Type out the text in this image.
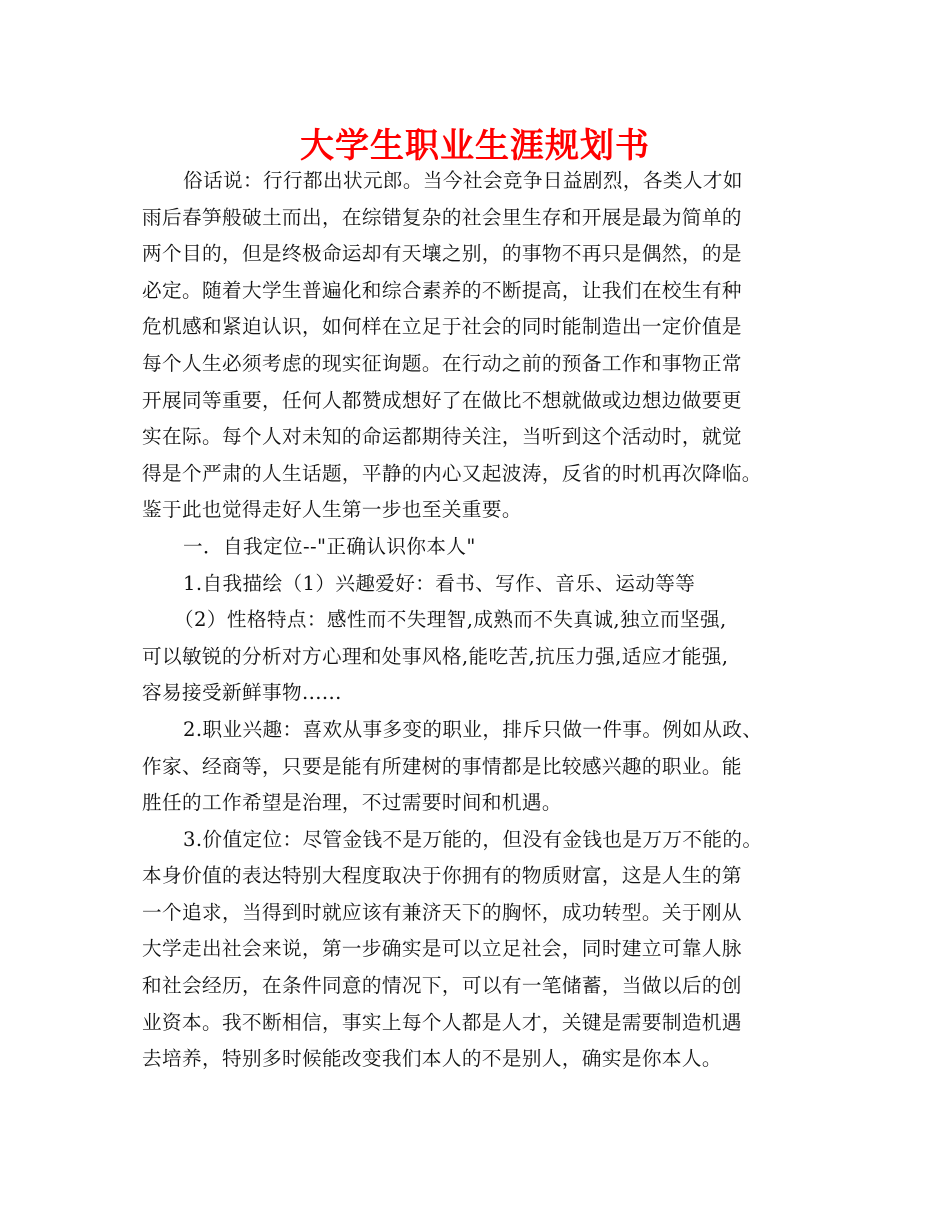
大学生职业生涯规划书
俗话说：行行都出状元郎。当今社会竞争日益剧烈，各类人才如
雨后春笋般破土而出，在综错复杂的社会里生存和开展是最为简单的
两个目的，但是终极命运却有天壤之别，的事物不再只是偶然，的是
必定。随着大学生普遍化和综合素养的不断提高，让我们在校生有种
危机感和紧迫认识，如何样在立足于社会的同时能制造出一定价值是
每个人生必须考虑的现实征询题。在行动之前的预备工作和事物正常
开展同等重要，任何人都赞成想好了在做比不想就做或边想边做要更
实在际。每个人对未知的命运都期待关注，当听到这个活动时，就觉
得是个严肃的人生话题，平静的内心又起波涛，反省的时机再次降临。
鉴于此也觉得走好人生第一步也至关重要。
一．自我定位--"正确认识你本人"
1.自我描绘（1）兴趣爱好：看书、写作、音乐、运动等等
（2）性格特点：感性而不失理智,成熟而不失真诚,独立而坚强,
可以敏锐的分析对方心理和处事风格,能吃苦,抗压力强,适应才能强,
容易接受新鲜事物......
2.职业兴趣：喜欢从事多变的职业，排斥只做一件事。例如从政、
作家、经商等，只要是能有所建树的事情都是比较感兴趣的职业。能
胜任的工作希望是治理，不过需要时间和机遇。
3.价值定位：尽管金钱不是万能的，但没有金钱也是万万不能的。
本身价值的表达特别大程度取决于你拥有的物质财富，这是人生的第
一个追求，当得到时就应该有兼济天下的胸怀，成功转型。关于刚从
大学走出社会来说，第一步确实是可以立足社会，同时建立可靠人脉
和社会经历，在条件同意的情况下，可以有一笔储蓄，当做以后的创
业资本。我不断相信，事实上每个人都是人才，关键是需要制造机遇
去培养，特别多时候能改变我们本人的不是别人，确实是你本人。
